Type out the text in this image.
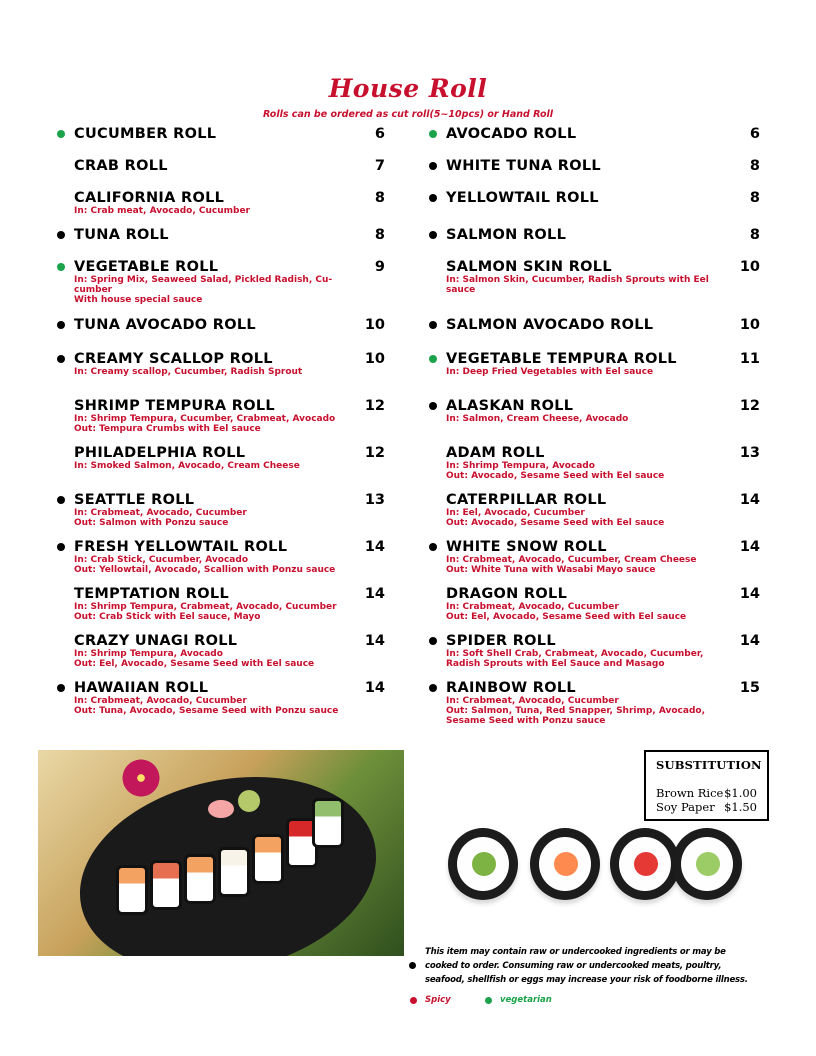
House Roll
Rolls can be ordered as cut roll(5~10pcs) or Hand Roll
CUCUMBER ROLL	6
CRAB ROLL	7
CALIFORNIA ROLL	8
In: Crab meat, Avocado, Cucumber
TUNA ROLL	8
VEGETABLE ROLL	9
In: Spring Mix, Seaweed Salad, Pickled Radish, Cu-
cumber
With house special sauce
TUNA AVOCADO ROLL	10
CREAMY SCALLOP ROLL	10
In: Creamy scallop, Cucumber, Radish Sprout
SHRIMP TEMPURA ROLL	12
In: Shrimp Tempura, Cucumber, Crabmeat, Avocado
Out: Tempura Crumbs with Eel sauce
PHILADELPHIA ROLL	12
In: Smoked Salmon, Avocado, Cream Cheese
SEATTLE ROLL	13
In: Crabmeat, Avocado, Cucumber
Out: Salmon with Ponzu sauce
FRESH YELLOWTAIL ROLL	14
In: Crab Stick, Cucumber, Avocado
Out: Yellowtail, Avocado, Scallion with Ponzu sauce
TEMPTATION ROLL	14
In: Shrimp Tempura, Crabmeat, Avocado, Cucumber
Out: Crab Stick with Eel sauce, Mayo
CRAZY UNAGI ROLL	14
In: Shrimp Tempura, Avocado
Out: Eel, Avocado, Sesame Seed with Eel sauce
HAWAIIAN ROLL	14
In: Crabmeat, Avocado, Cucumber
Out: Tuna, Avocado, Sesame Seed with Ponzu sauce
AVOCADO ROLL	6
WHITE TUNA ROLL	8
YELLOWTAIL ROLL	8
SALMON ROLL	8
SALMON SKIN ROLL	10
In: Salmon Skin, Cucumber, Radish Sprouts with Eel
sauce
SALMON AVOCADO ROLL	10
VEGETABLE TEMPURA ROLL	11
In: Deep Fried Vegetables with Eel sauce
ALASKAN ROLL	12
In: Salmon, Cream Cheese, Avocado
ADAM ROLL	13
In: Shrimp Tempura, Avocado
Out: Avocado, Sesame Seed with Eel sauce
CATERPILLAR ROLL	14
In: Eel, Avocado, Cucumber
Out: Avocado, Sesame Seed with Eel sauce
WHITE SNOW ROLL	14
In: Crabmeat, Avocado, Cucumber, Cream Cheese
Out: White Tuna with Wasabi Mayo sauce
DRAGON ROLL	14
In: Crabmeat, Avocado, Cucumber
Out: Eel, Avocado, Sesame Seed with Eel sauce
SPIDER ROLL	14
In: Soft Shell Crab, Crabmeat, Avocado, Cucumber,
Radish Sprouts with Eel Sauce and Masago
RAINBOW ROLL	15
In: Crabmeat, Avocado, Cucumber
Out: Salmon, Tuna, Red Snapper, Shrimp, Avocado,
Sesame Seed with Ponzu sauce
SUBSTITUTION
Brown Rice $1.00
Soy Paper $1.50
This item may contain raw or undercooked ingredients or may be cooked to order. Consuming raw or undercooked meats, poultry, seafood, shellfish or eggs may increase your risk of foodborne illness.
Spicy	vegetarian
